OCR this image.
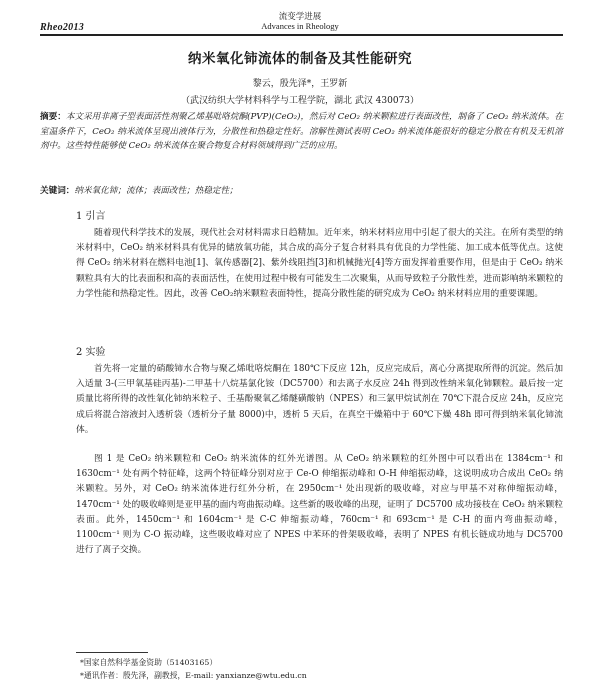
Rheo2013
流变学进展
Advances in Rheology
纳米氧化铈流体的制备及其性能研究
黎云，殷先泽*，王罗新
（武汉纺织大学材料科学与工程学院，湖北 武汉 430073）
摘要：本文采用非离子型表面活性剂聚乙烯基吡咯烷酮(PVP)(CeO₂)，然后对 CeO₂ 纳米颗粒进行表面改性，制备了 CeO₂ 纳米流体。在室温条件下，CeO₂ 纳米流体呈现出液体行为，分散性和热稳定性好。溶解性测试表明 CeO₂ 纳米流体能很好的稳定分散在有机及无机溶剂中。这些特性能够使 CeO₂ 纳米流体在聚合物复合材料领域得到广泛的应用。
关键词：纳米氧化铈；流体；表面改性；热稳定性；
1 引言
随着现代科学技术的发展，现代社会对材料需求日趋精加。近年来，纳米材料应用中引起了很大的关注。在所有类型的纳米材料中，CeO₂ 纳米材料具有优异的储放氧功能，其合成的高分子复合材料具有优良的力学性能、加工成本低等优点。这使得 CeO₂ 纳米材料在燃料电池[1]、氧传感器[2]、紫外线阻挡[3]和机械抛光[4]等方面发挥着重要作用，但是由于 CeO₂ 纳米颗粒具有大的比表面积和高的表面活性，在使用过程中极有可能发生二次聚集，从而导致粒子分散性差，进而影响纳米颗粒的力学性能和热稳定性。因此，改善 CeO₂纳米颗粒表面特性，提高分散性能的研究成为 CeO₂ 纳米材料应用的重要课题。
2 实验
首先将一定量的硝酸铈水合物与聚乙烯吡咯烷酮在 180℃下反应 12h，反应完成后，离心分离提取所得的沉淀。然后加入适量 3-(三甲氧基硅丙基)-二甲基十八烷基氯化铵（DC5700）和去离子水反应 24h 得到改性纳米氧化铈颗粒。最后按一定质量比将所得的改性氧化铈纳米粒子、壬基酚聚氧乙烯醚磺酸钠（NPES）和三氯甲烷试剂在 70℃下混合反应 24h，反应完成后将混合溶液封入透析袋（透析分子量 8000)中，透析 5 天后，在真空干燥箱中于 60℃下燥 48h 即可得到纳米氧化铈流体。
图 1 是 CeO₂ 纳米颗粒和 CeO₂ 纳米流体的红外光谱图。从 CeO₂ 纳米颗粒的红外图中可以看出在 1384cm⁻¹ 和 1630cm⁻¹ 处有两个特征峰，这两个特征峰分别对应于 Ce-O 伸缩振动峰和 O-H 伸缩振动峰，这说明成功合成出 CeO₂ 纳米颗粒。另外，对 CeO₂ 纳米流体进行红外分析，在 2950cm⁻¹ 处出现新的吸收峰，对应与甲基不对称伸缩振动峰，1470cm⁻¹ 处的吸收峰则是亚甲基的面内弯曲振动峰。这些新的吸收峰的出现，证明了 DC5700 成功接枝在 CeO₂ 纳米颗粒表面。此外，1450cm⁻¹ 和 1604cm⁻¹ 是 C-C 伸缩振动峰，760cm⁻¹ 和 693cm⁻¹ 是 C-H 的面内弯曲振动峰，1100cm⁻¹ 则为 C-O 振动峰，这些吸收峰对应了 NPES 中苯环的骨架吸收峰，表明了 NPES 有机长链成功地与 DC5700 进行了离子交换。
*国家自然科学基金资助（51403165）
*通讯作者：殷先泽，副教授，E-mail: yanxianze@wtu.edu.cn
